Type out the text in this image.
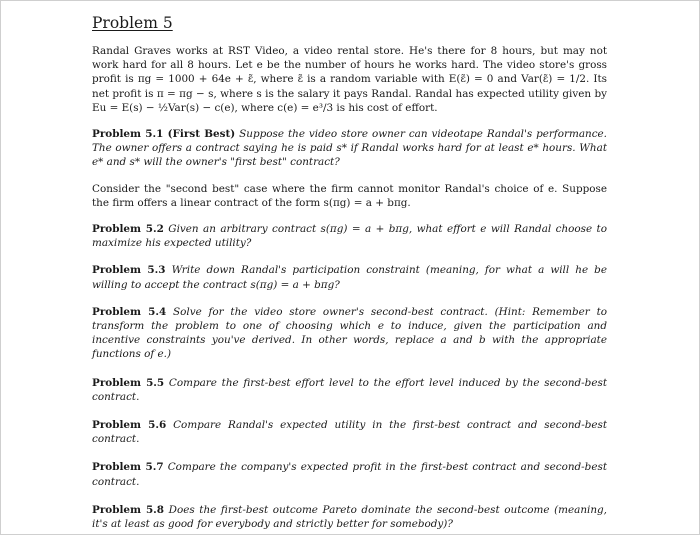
Problem 5

Randal Graves works at RST Video, a video rental store. He's there for 8 hours, but may not work hard for all 8 hours. Let e be the number of hours he works hard. The video store's gross profit is πg = 1000 + 64e + ε̃, where ε̃ is a random variable with E(ε̃) = 0 and Var(ε̃) = 1/2. Its net profit is π = πg − s, where s is the salary it pays Randal. Randal has expected utility given by Eu = E(s) − ½Var(s) − c(e), where c(e) = e³/3 is his cost of effort.

Problem 5.1 (First Best) Suppose the video store owner can videotape Randal's performance. The owner offers a contract saying he is paid s* if Randal works hard for at least e* hours. What e* and s* will the owner's "first best" contract?

Consider the "second best" case where the firm cannot monitor Randal's choice of e. Suppose the firm offers a linear contract of the form s(πg) = a + bπg.

Problem 5.2 Given an arbitrary contract s(πg) = a + bπg, what effort e will Randal choose to maximize his expected utility?

Problem 5.3 Write down Randal's participation constraint (meaning, for what a will he be willing to accept the contract s(πg) = a + bπg?

Problem 5.4 Solve for the video store owner's second-best contract. (Hint: Remember to transform the problem to one of choosing which e to induce, given the participation and incentive constraints you've derived. In other words, replace a and b with the appropriate functions of e.)

Problem 5.5 Compare the first-best effort level to the effort level induced by the second-best contract.

Problem 5.6 Compare Randal's expected utility in the first-best contract and second-best contract.

Problem 5.7 Compare the company's expected profit in the first-best contract and second-best contract.

Problem 5.8 Does the first-best outcome Pareto dominate the second-best outcome (meaning, it's at least as good for everybody and strictly better for somebody)?
